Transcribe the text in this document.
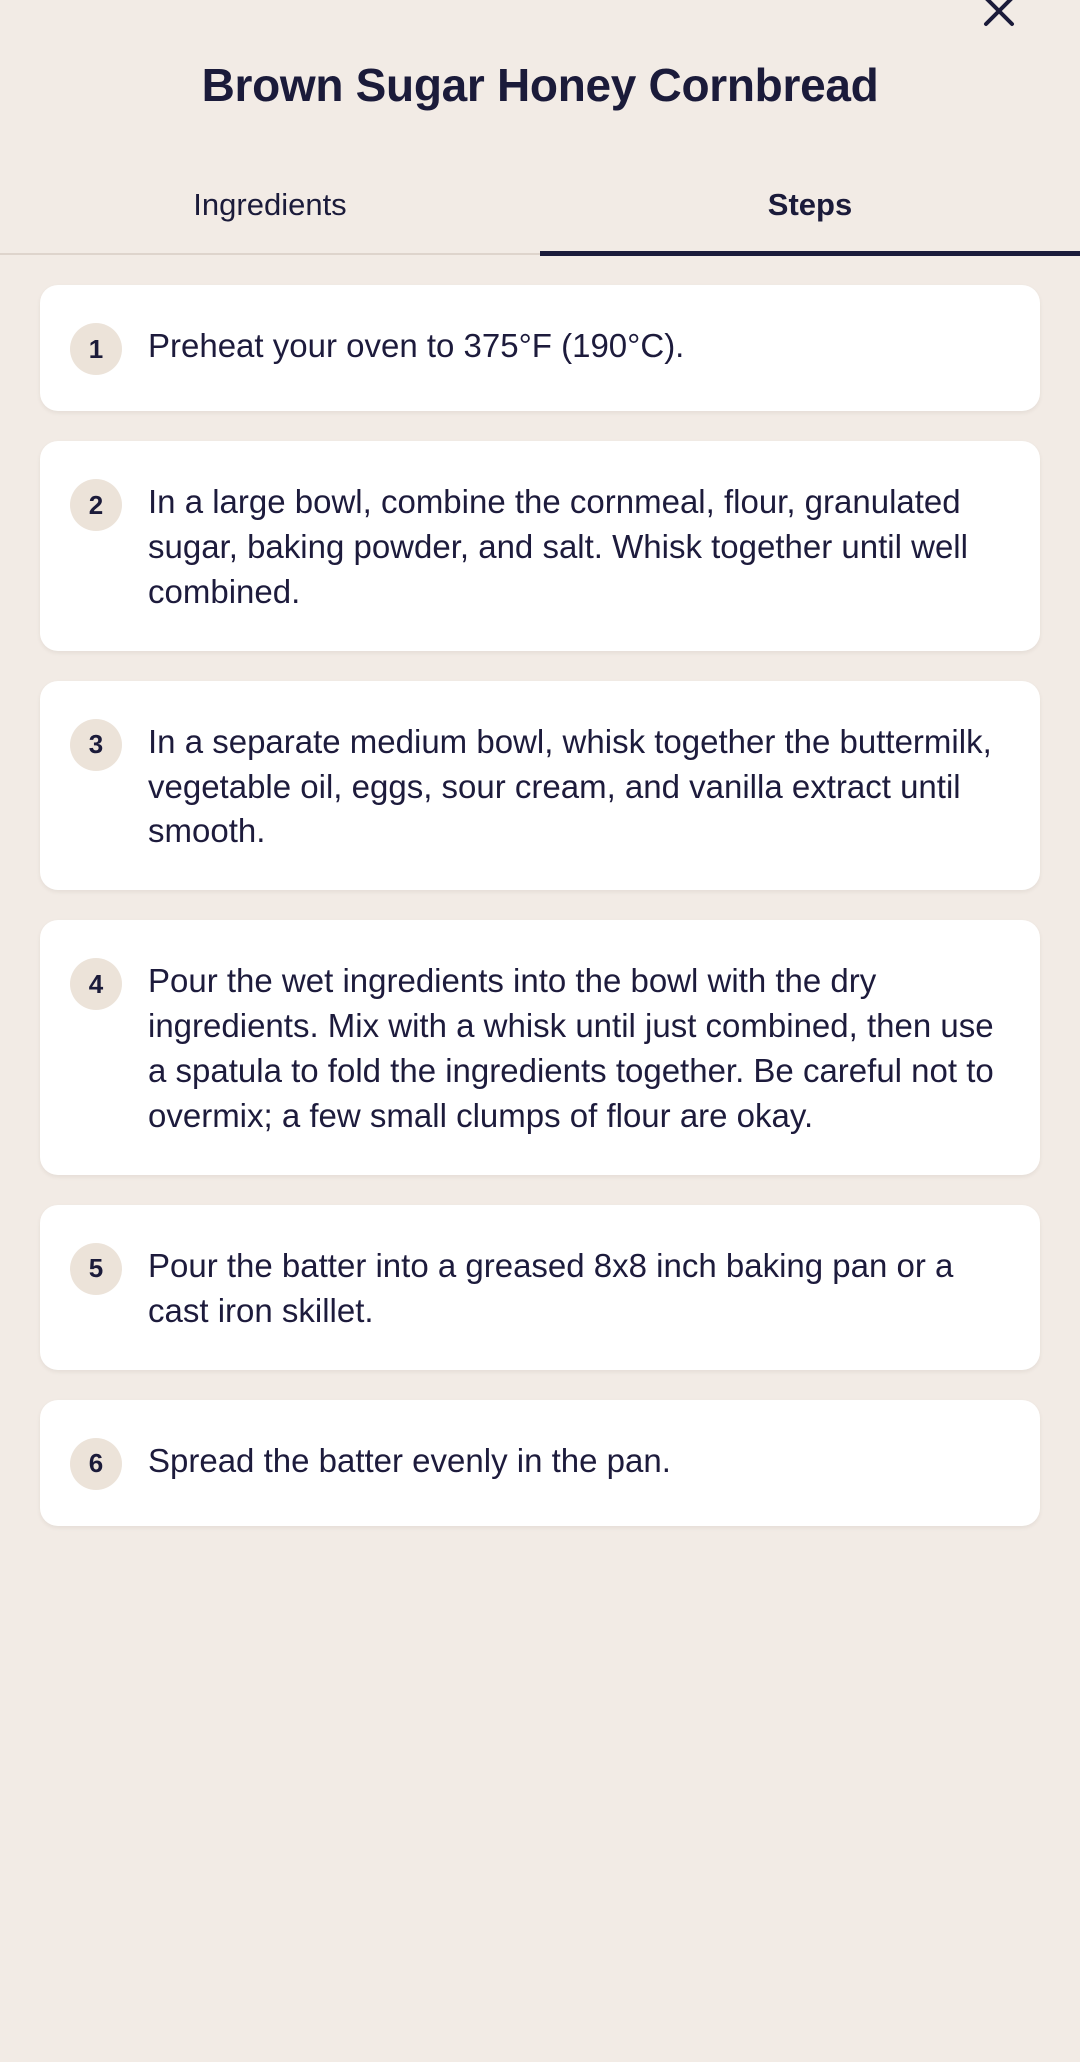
Brown Sugar Honey Cornbread
Ingredients	Steps
1	Preheat your oven to 375°F (190°C).
2	In a large bowl, combine the cornmeal, flour, granulated sugar, baking powder, and salt. Whisk together until well combined.
3	In a separate medium bowl, whisk together the buttermilk, vegetable oil, eggs, sour cream, and vanilla extract until smooth.
4	Pour the wet ingredients into the bowl with the dry ingredients. Mix with a whisk until just combined, then use a spatula to fold the ingredients together. Be careful not to overmix; a few small clumps of flour are okay.
5	Pour the batter into a greased 8x8 inch baking pan or a cast iron skillet.
6	Spread the batter evenly in the pan.
